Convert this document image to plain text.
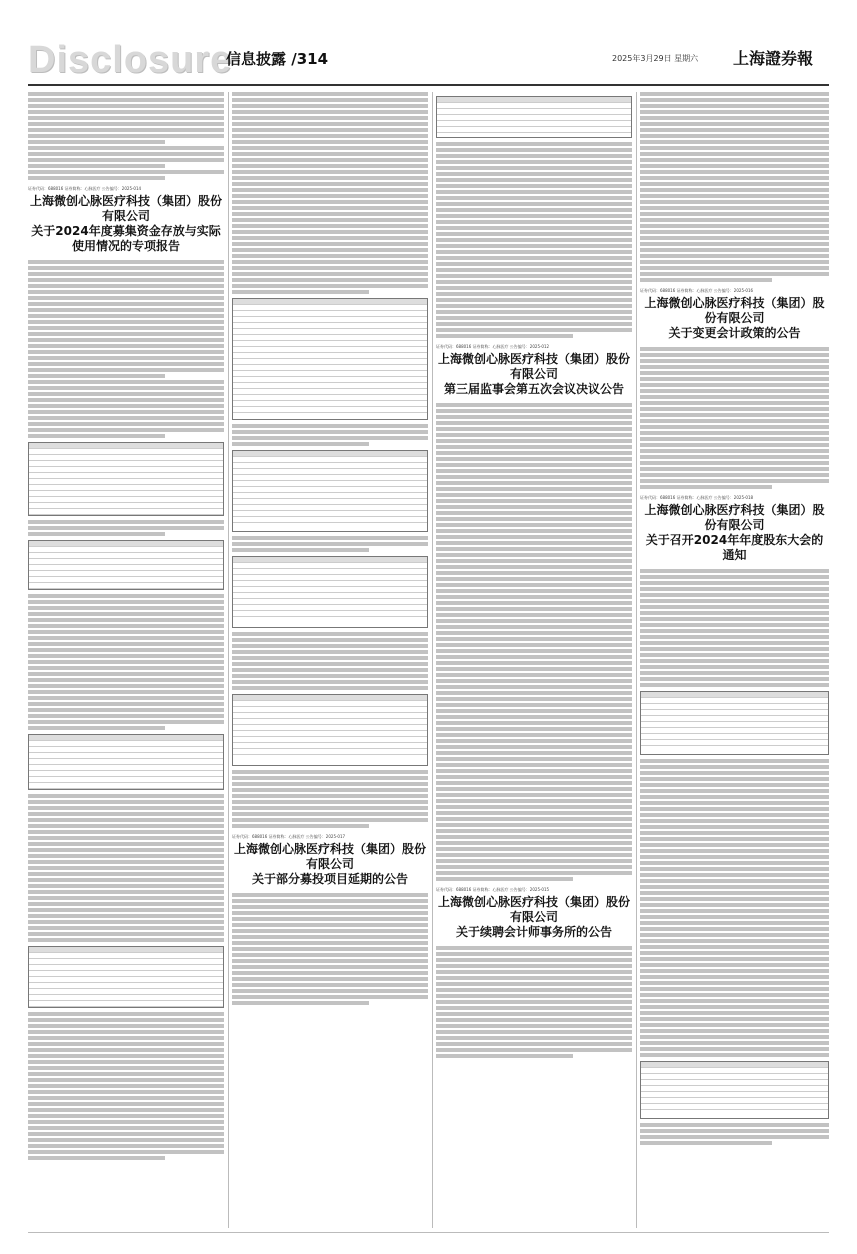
Disclosure
信息披露 /314	2025年3月29日 星期六 上海證券報
证券代码：688016 证券简称：心脉医疗 公告编号：2025-014
上海微创心脉医疗科技（集团）股份有限公司
关于2024年度募集资金存放与实际使用情况的专项报告
证券代码：688016 证券简称：心脉医疗 公告编号：2025-017
上海微创心脉医疗科技（集团）股份有限公司
关于部分募投项目延期的公告
证券代码：688016 证券简称：心脉医疗 公告编号：2025-012
上海微创心脉医疗科技（集团）股份有限公司
第三届监事会第五次会议决议公告
证券代码：688016 证券简称：心脉医疗 公告编号：2025-015
上海微创心脉医疗科技（集团）股份有限公司
关于续聘会计师事务所的公告
证券代码：688016 证券简称：心脉医疗 公告编号：2025-016
上海微创心脉医疗科技（集团）股份有限公司
关于变更会计政策的公告
证券代码：688016 证券简称：心脉医疗 公告编号：2025-018
上海微创心脉医疗科技（集团）股份有限公司
关于召开2024年年度股东大会的通知
